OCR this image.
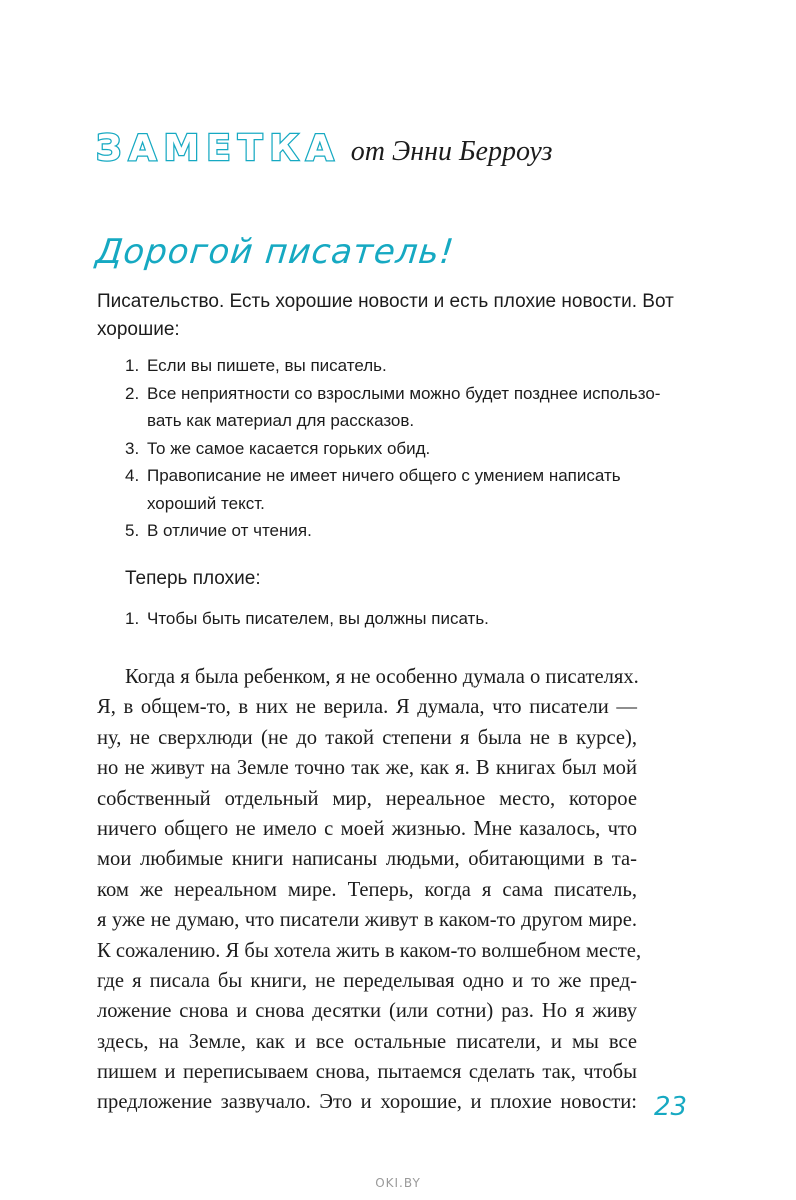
ЗАМЕТКА от Энни Берроуз
Дорогой писатель!
Писательство. Есть хорошие новости и есть плохие новости. Вот хорошие:
1. Если вы пишете, вы писатель.
2. Все неприятности со взрослыми можно будет позднее использо-
вать как материал для рассказов.
3. То же самое касается горьких обид.
4. Правописание не имеет ничего общего с умением написать
хороший текст.
5. В отличие от чтения.
Теперь плохие:
1. Чтобы быть писателем, вы должны писать.
Когда я была ребенком, я не особенно думала о писателях.
Я, в общем-то, в них не верила. Я думала, что писатели —
ну, не сверхлюди (не до такой степени я была не в курсе),
но не живут на Земле точно так же, как я. В книгах был мой
собственный отдельный мир, нереальное место, которое
ничего общего не имело с моей жизнью. Мне казалось, что
мои любимые книги написаны людьми, обитающими в та-
ком же нереальном мире. Теперь, когда я сама писатель,
я уже не думаю, что писатели живут в каком-то другом мире.
К сожалению. Я бы хотела жить в каком-то волшебном месте,
где я писала бы книги, не переделывая одно и то же пред-
ложение снова и снова десятки (или сотни) раз. Но я живу
здесь, на Земле, как и все остальные писатели, и мы все
пишем и переписываем снова, пытаемся сделать так, чтобы
предложение зазвучало. Это и хорошие, и плохие новости: 23
OKI.BY
